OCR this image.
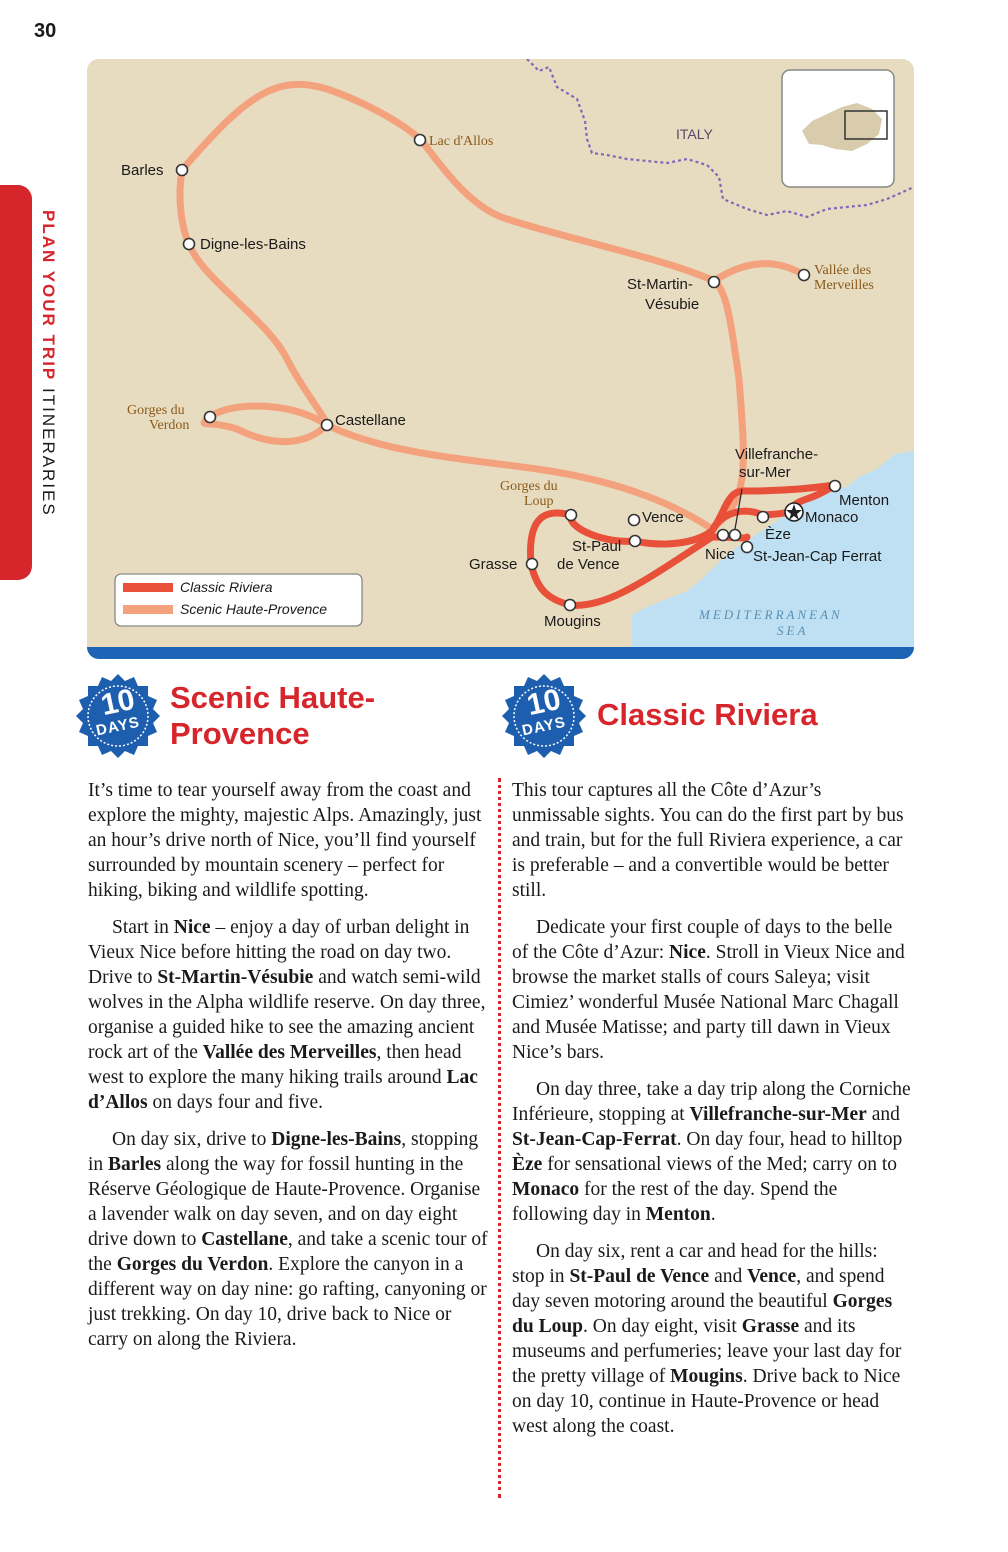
30
PLAN YOUR TRIP ITINERARIES
Barles
Lac d'Allos
Digne-les-Bains
St-Martin-
Vésubie
Vallée des
Merveilles
Gorges du
Verdon	Castellane
Villefranche-
sur-Mer
Gorges du
Loup	Menton
Monaco
Vence
Èze
St-Paul
de Vence
Nice St-Jean-Cap Ferrat
Grasse
Mougins
ITALY
MEDITERRANEAN
SEA
Classic Riviera
Scenic Haute-Provence
10
DAYS
Scenic Haute-
Provence
10
DAYS Classic Riviera

It’s time to tear yourself away from the coast and explore the mighty, majestic Alps. Amazingly, just an hour’s drive north of Nice, you’ll find yourself surrounded by mountain scenery – perfect for hiking, biking and wildlife spotting.

Start in Nice – enjoy a day of urban delight in Vieux Nice before hitting the road on day two. Drive to St-Martin-Vésubie and watch semi-wild wolves in the Alpha wildlife reserve. On day three, organise a guided hike to see the amazing ancient rock art of the Vallée des Merveilles, then head west to explore the many hiking trails around Lac d’Allos on days four and five.

On day six, drive to Digne-les-Bains, stopping in Barles along the way for fossil hunting in the Réserve Géologique de Haute-Provence. Organise a lavender walk on day seven, and on day eight drive down to Castellane, and take a scenic tour of the Gorges du Verdon. Explore the canyon in a different way on day nine: go rafting, canyoning or just trekking. On day 10, drive back to Nice or carry on along the Riviera.

This tour captures all the Côte d’Azur’s unmissable sights. You can do the first part by bus and train, but for the full Riviera experience, a car is preferable – and a convertible would be better still.

Dedicate your first couple of days to the belle of the Côte d’Azur: Nice. Stroll in Vieux Nice and browse the market stalls of cours Saleya; visit Cimiez’ wonderful Musée National Marc Chagall and Musée Matisse; and party till dawn in Vieux Nice’s bars.

On day three, take a day trip along the Corniche Inférieure, stopping at Villefranche-sur-Mer and St-Jean-Cap-Ferrat. On day four, head to hilltop Èze for sensational views of the Med; carry on to Monaco for the rest of the day. Spend the following day in Menton.

On day six, rent a car and head for the hills: stop in St-Paul de Vence and Vence, and spend day seven motoring around the beautiful Gorges du Loup. On day eight, visit Grasse and its museums and perfumeries; leave your last day for the pretty village of Mougins. Drive back to Nice on day 10, continue in Haute-Provence or head west along the coast.
